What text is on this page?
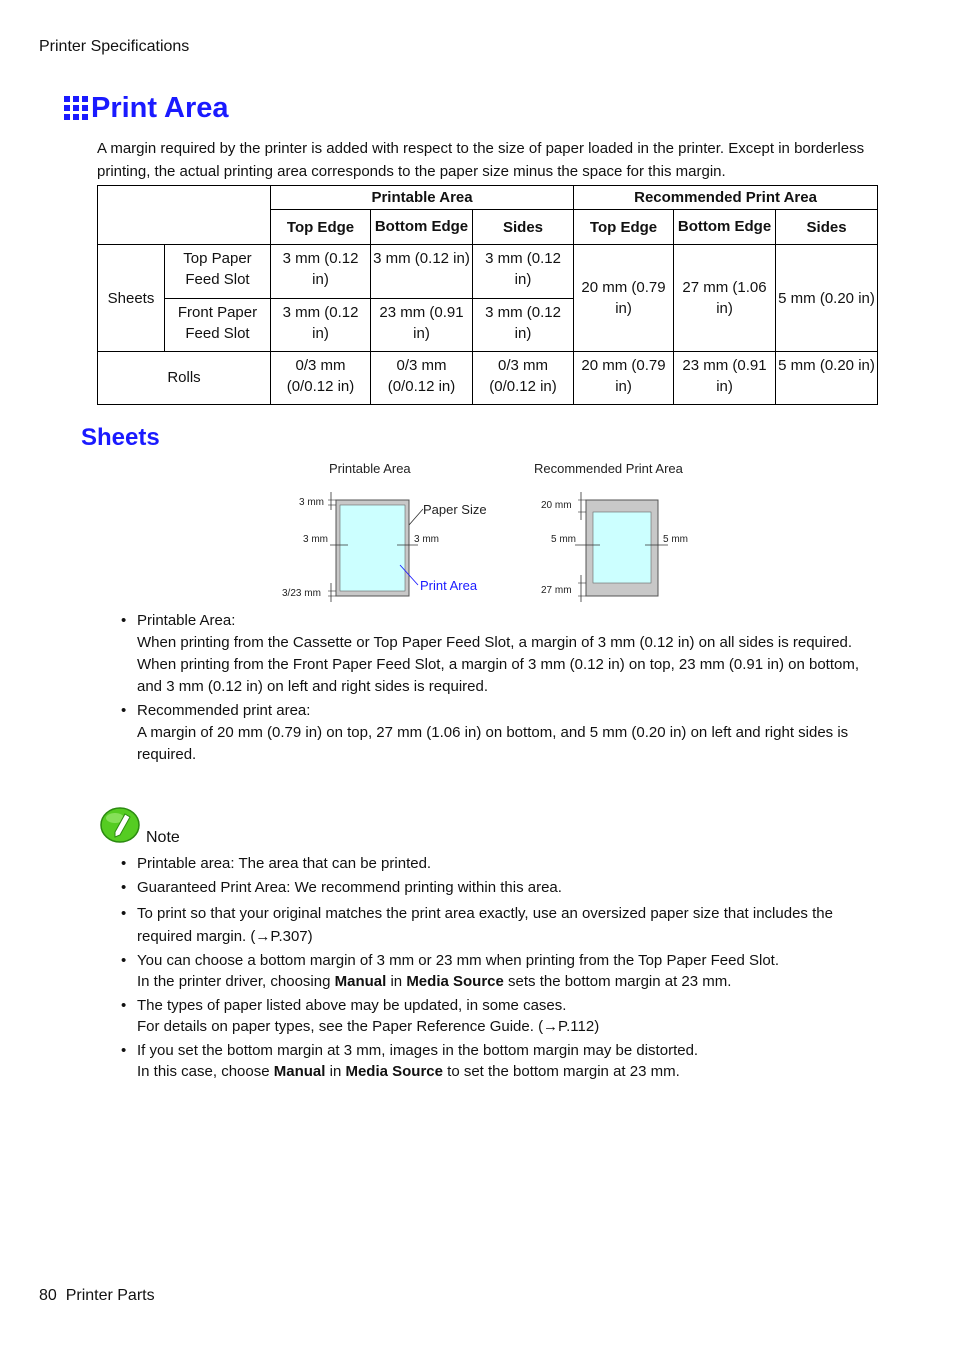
Printer Specifications
Print Area

A margin required by the printer is added with respect to the size of paper loaded in the printer. Except in borderless printing, the actual printing area corresponds to the paper size minus the space for this margin.

		Printable Area			Recommended Print Area		
		Top Edge	Bottom Edge	Sides	Top Edge	Bottom Edge	Sides
Sheets	Top Paper Feed Slot	3 mm (0.12 in)	3 mm (0.12 in)	3 mm (0.12 in)	20 mm (0.79 in)	27 mm (1.06 in)	5 mm (0.20 in)
	Front Paper Feed Slot	3 mm (0.12 in)	23 mm (0.91 in)	3 mm (0.12 in)			
Rolls		0/3 mm (0/0.12 in)	0/3 mm (0/0.12 in)	0/3 mm (0/0.12 in)	20 mm (0.79 in)	23 mm (0.91 in)	5 mm (0.20 in)
Sheets
Printable Area
3 mm
3 mm	3 mm
3/23 mm
Paper Size
Print Area
Recommended Print Area
20 mm
5 mm	5 mm
27 mm
• Printable Area:

When printing from the Cassette or Top Paper Feed Slot, a margin of 3 mm (0.12 in) on all sides is required.

When printing from the Front Paper Feed Slot, a margin of 3 mm (0.12 in) on top, 23 mm (0.91 in) on bottom, and 3 mm (0.12 in) on left and right sides is required.

• Recommended print area:

A margin of 20 mm (0.79 in) on top, 27 mm (1.06 in) on bottom, and 5 mm (0.20 in) on left and right sides is required.

Note
• Printable area: The area that can be printed.

• Guaranteed Print Area: We recommend printing within this area.

• To print so that your original matches the print area exactly, use an oversized paper size that includes the required margin. (→P.307)

• You can choose a bottom margin of 3 mm or 23 mm when printing from the Top Paper Feed Slot.

In the printer driver, choosing Manual in Media Source sets the bottom margin at 23 mm.

• The types of paper listed above may be updated, in some cases.

For details on paper types, see the Paper Reference Guide. (→P.112)

• If you set the bottom margin at 3 mm, images in the bottom margin may be distorted.

In this case, choose Manual in Media Source to set the bottom margin at 23 mm.

80 Printer Parts
